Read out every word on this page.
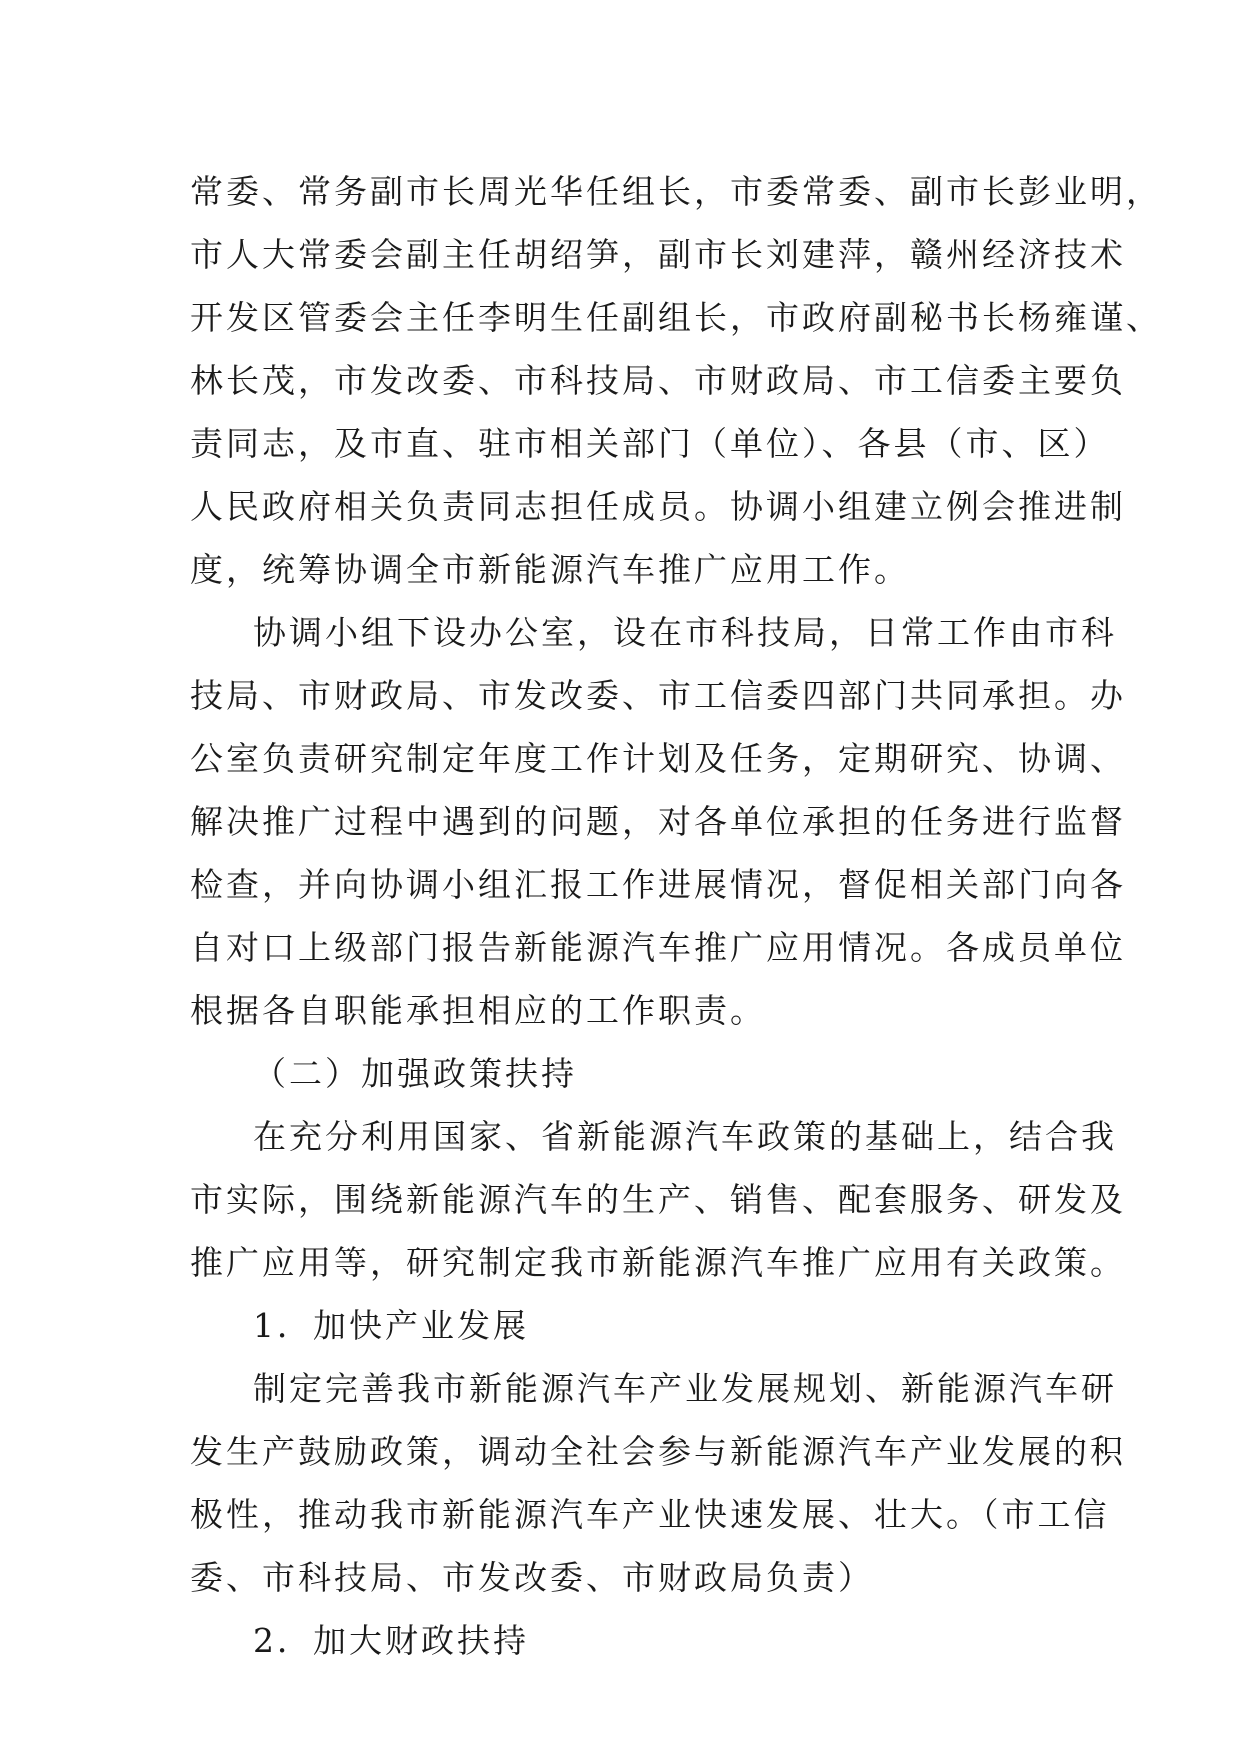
常委、常务副市长周光华任组长，市委常委、副市长彭业明，
市人大常委会副主任胡绍笋，副市长刘建萍，赣州经济技术
开发区管委会主任李明生任副组长，市政府副秘书长杨雍谨、
林长茂，市发改委、市科技局、市财政局、市工信委主要负
责同志，及市直、驻市相关部门（单位）、各县（市、区）
人民政府相关负责同志担任成员。协调小组建立例会推进制
度，统筹协调全市新能源汽车推广应用工作。
协调小组下设办公室，设在市科技局，日常工作由市科
技局、市财政局、市发改委、市工信委四部门共同承担。办
公室负责研究制定年度工作计划及任务，定期研究、协调、
解决推广过程中遇到的问题，对各单位承担的任务进行监督
检查，并向协调小组汇报工作进展情况，督促相关部门向各
自对口上级部门报告新能源汽车推广应用情况。各成员单位
根据各自职能承担相应的工作职责。
（二）加强政策扶持
在充分利用国家、省新能源汽车政策的基础上，结合我
市实际，围绕新能源汽车的生产、销售、配套服务、研发及
推广应用等，研究制定我市新能源汽车推广应用有关政策。
1．加快产业发展
制定完善我市新能源汽车产业发展规划、新能源汽车研
发生产鼓励政策，调动全社会参与新能源汽车产业发展的积
极性，推动我市新能源汽车产业快速发展、壮大。（市工信
委、市科技局、市发改委、市财政局负责）
2．加大财政扶持
